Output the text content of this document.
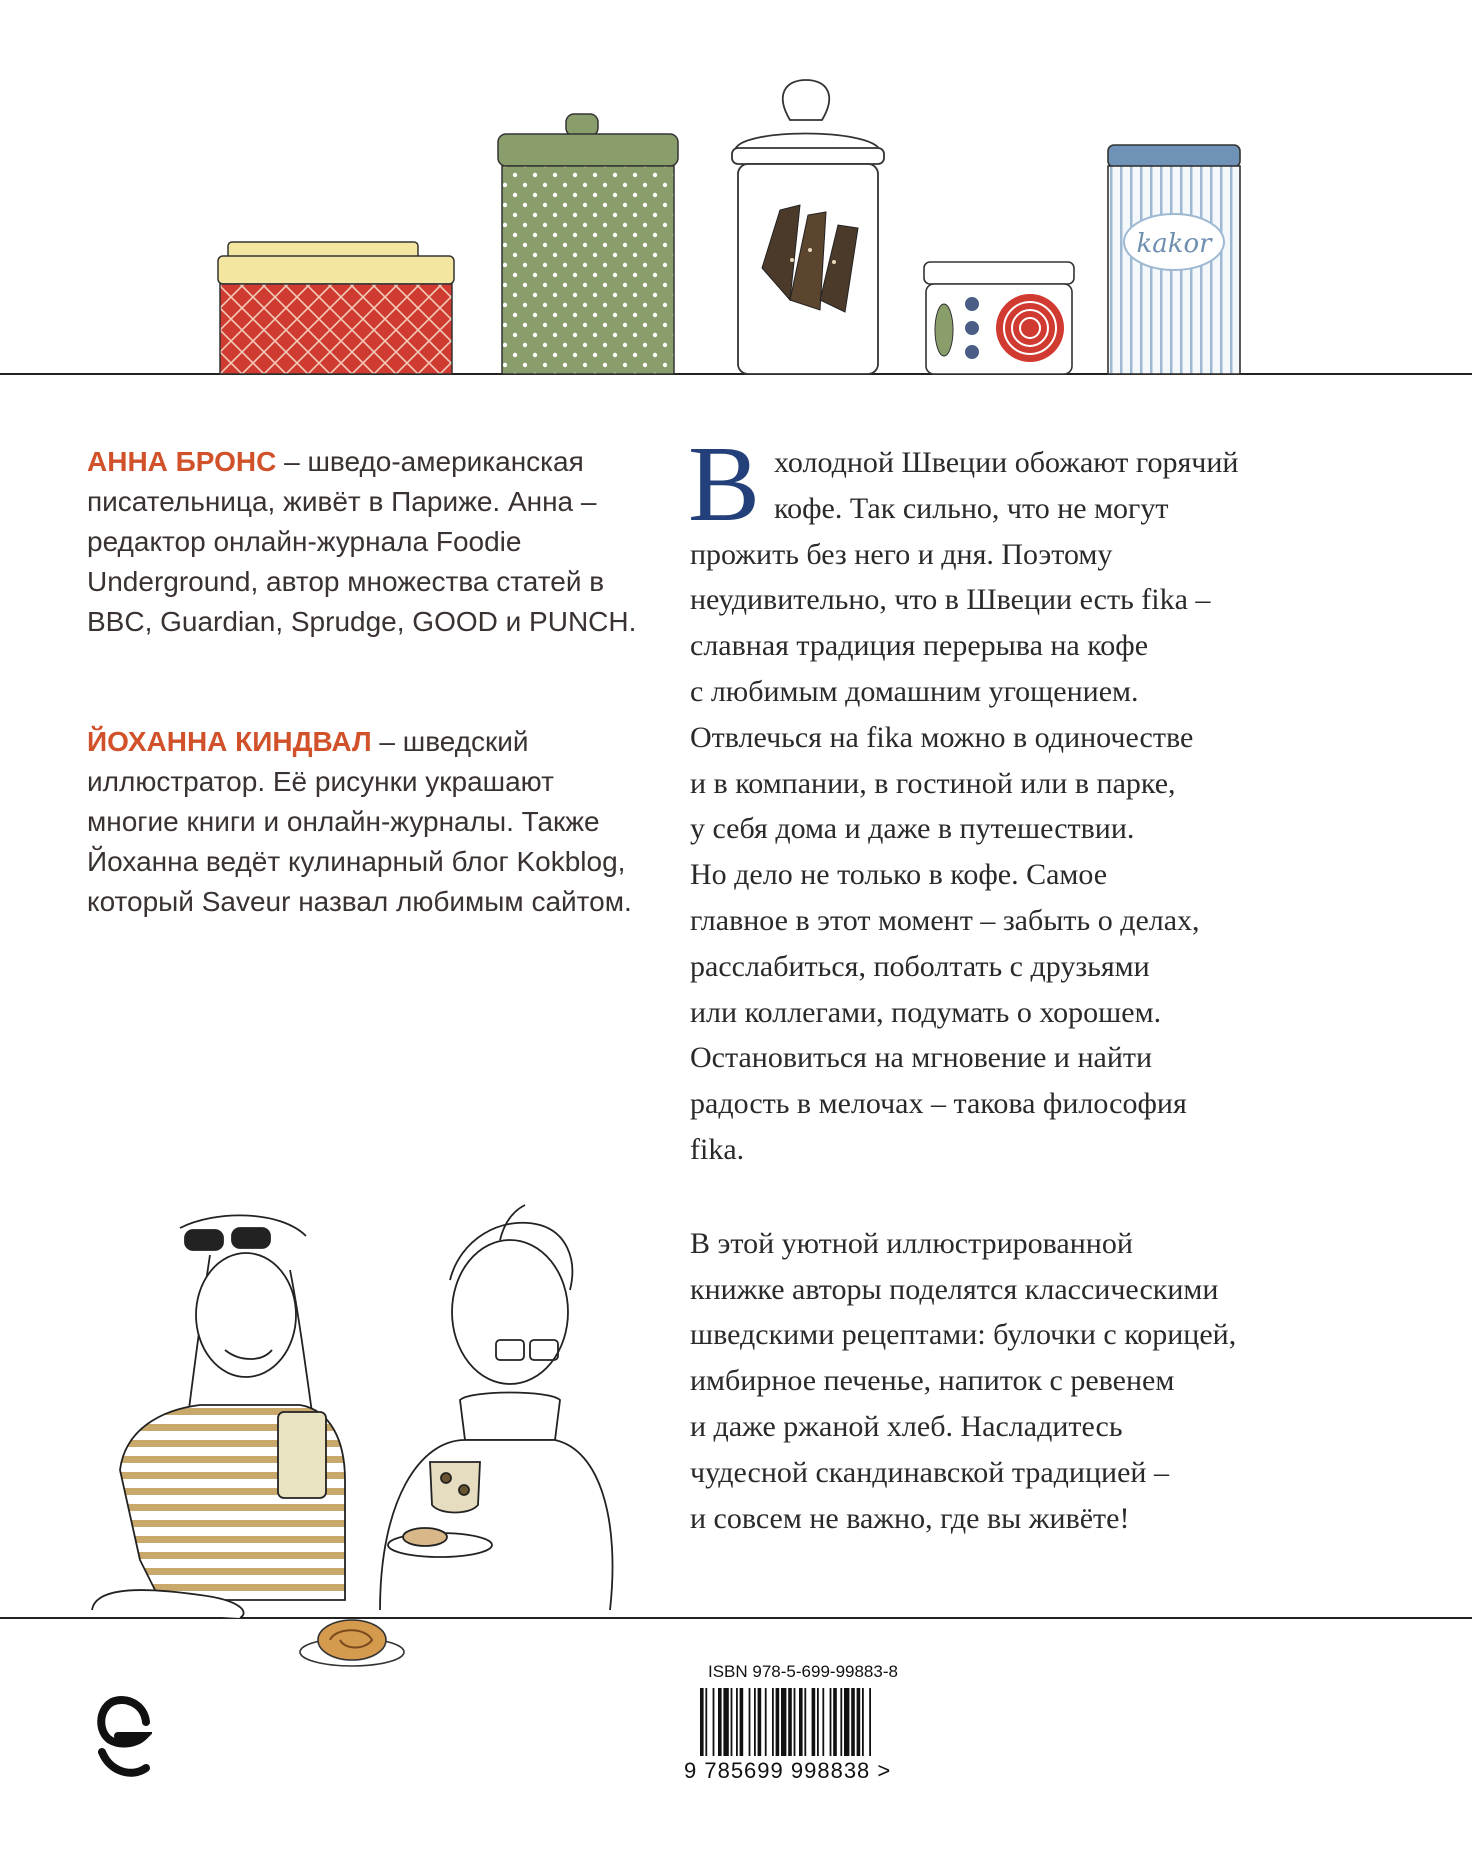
kakor
АННА БРОНС – шведо-американская писательница, живёт в Париже. Анна – редактор онлайн-журнала Foodie Underground, автор множества статей в BBC, Guardian, Sprudge, GOOD и PUNCH.
ЙОХАННА КИНДВАЛ – шведский иллюстратор. Её рисунки украшают многие книги и онлайн-журналы. Также Йоханна ведёт кулинарный блог Kokblog, который Saveur назвал любимым сайтом.

В холодной Швеции обожают горячий
кофе. Так сильно, что не могут
прожить без него и дня. Поэтому
неудивительно, что в Швеции есть fika –
славная традиция перерыва на кофе
с любимым домашним угощением.
Отвлечься на fika можно в одиночестве
и в компании, в гостиной или в парке,
у себя дома и даже в путешествии.
Но дело не только в кофе. Самое
главное в этот момент – забыть о делах,
расслабиться, поболтать с друзьями
или коллегами, подумать о хорошем.
Остановиться на мгновение и найти
радость в мелочах – такова философия
fika.

В этой уютной иллюстрированной
книжке авторы поделятся классическими
шведскими рецептами: булочки с корицей,
имбирное печенье, напиток с ревенем
и даже ржаной хлеб. Насладитесь
чудесной скандинавской традицией –
и совсем не важно, где вы живёте!

ISBN 978-5-699-99883-8
9 785699 998838 >
